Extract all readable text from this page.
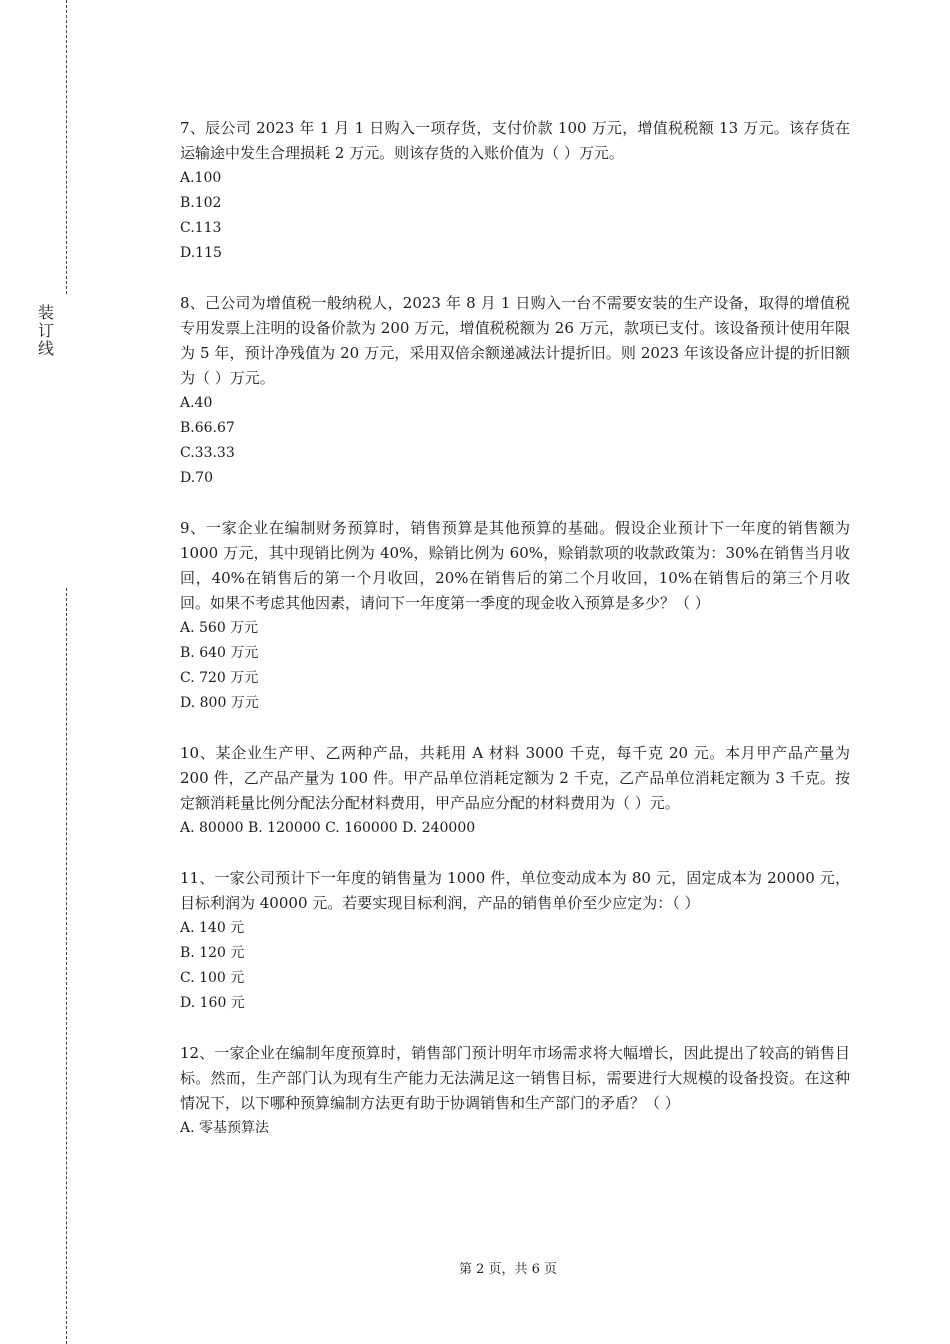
装
订
线

7、辰公司 2023 年 1 月 1 日购入一项存货，支付价款 100 万元，增值税税额 13 万元。该存货在运输途中发生合理损耗 2 万元。则该存货的入账价值为（ ）万元。

A.100

B.102

C.113

D.115

8、己公司为增值税一般纳税人，2023 年 8 月 1 日购入一台不需要安装的生产设备，取得的增值税专用发票上注明的设备价款为 200 万元，增值税税额为 26 万元，款项已支付。该设备预计使用年限为 5 年，预计净残值为 20 万元，采用双倍余额递减法计提折旧。则 2023 年该设备应计提的折旧额为（ ）万元。

A.40

B.66.67

C.33.33

D.70

9、一家企业在编制财务预算时，销售预算是其他预算的基础。假设企业预计下一年度的销售额为 1000 万元，其中现销比例为 40%，赊销比例为 60%，赊销款项的收款政策为：30%在销售当月收回，40%在销售后的第一个月收回，20%在销售后的第二个月收回，10%在销售后的第三个月收回。如果不考虑其他因素，请问下一年度第一季度的现金收入预算是多少？（ ）

A. 560 万元

B. 640 万元

C. 720 万元

D. 800 万元

10、某企业生产甲、乙两种产品，共耗用 A 材料 3000 千克，每千克 20 元。本月甲产品产量为 200 件，乙产品产量为 100 件。甲产品单位消耗定额为 2 千克，乙产品单位消耗定额为 3 千克。按定额消耗量比例分配法分配材料费用，甲产品应分配的材料费用为（ ）元。

A. 80000 B. 120000 C. 160000 D. 240000

11、一家公司预计下一年度的销售量为 1000 件，单位变动成本为 80 元，固定成本为 20000 元，目标利润为 40000 元。若要实现目标利润，产品的销售单价至少应定为：（ ）

A. 140 元

B. 120 元

C. 100 元

D. 160 元

12、一家企业在编制年度预算时，销售部门预计明年市场需求将大幅增长，因此提出了较高的销售目标。然而，生产部门认为现有生产能力无法满足这一销售目标，需要进行大规模的设备投资。在这种情况下，以下哪种预算编制方法更有助于协调销售和生产部门的矛盾？（ ）

A. 零基预算法

第 2 页，共 6 页
